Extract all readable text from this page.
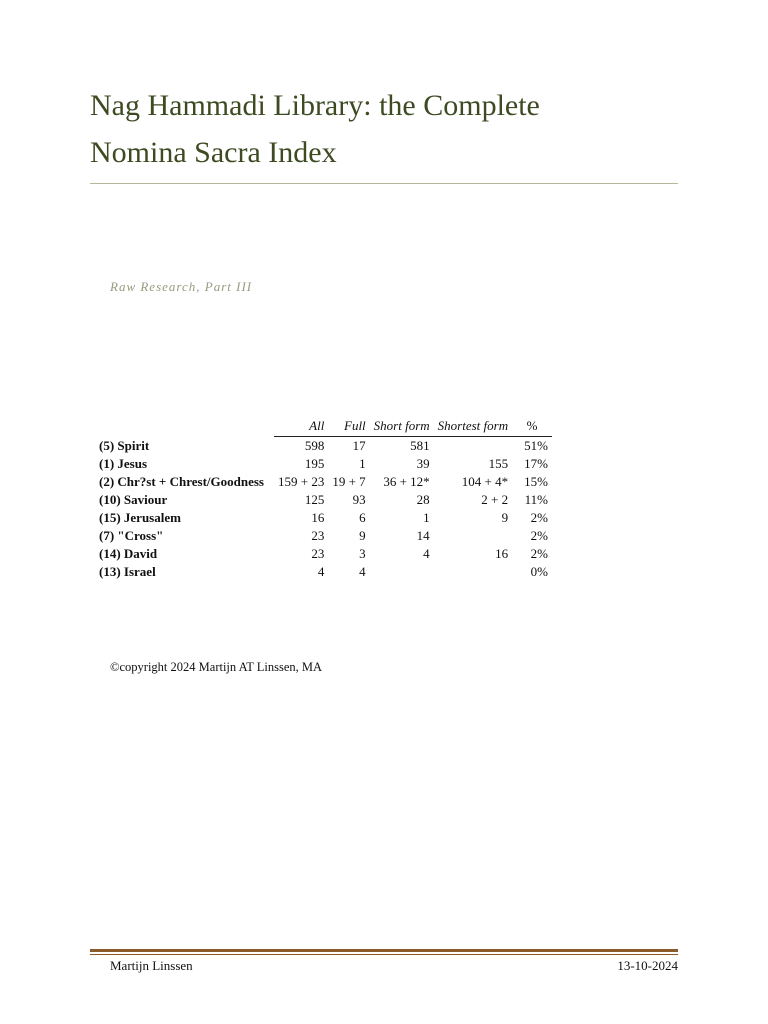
Nag Hammadi Library: the Complete
Nomina Sacra Index
Raw Research, Part III
	All	Full	Short form	Shortest form	%
(5) Spirit	598	17	581		51%
(1) Jesus	195	1	39	155	17%
(2) Chr?st + Chrest/Goodness	159 + 23	19 + 7	36 + 12*	104 + 4*	15%
(10) Saviour	125	93	28	2 + 2	11%
(15) Jerusalem	16	6	1	9	2%
(7) "Cross"	23	9	14		2%
(14) David	23	3	4	16	2%
(13) Israel	4	4			0%
©copyright 2024 Martijn AT Linssen, MA
Martijn Linssen	13-10-2024
